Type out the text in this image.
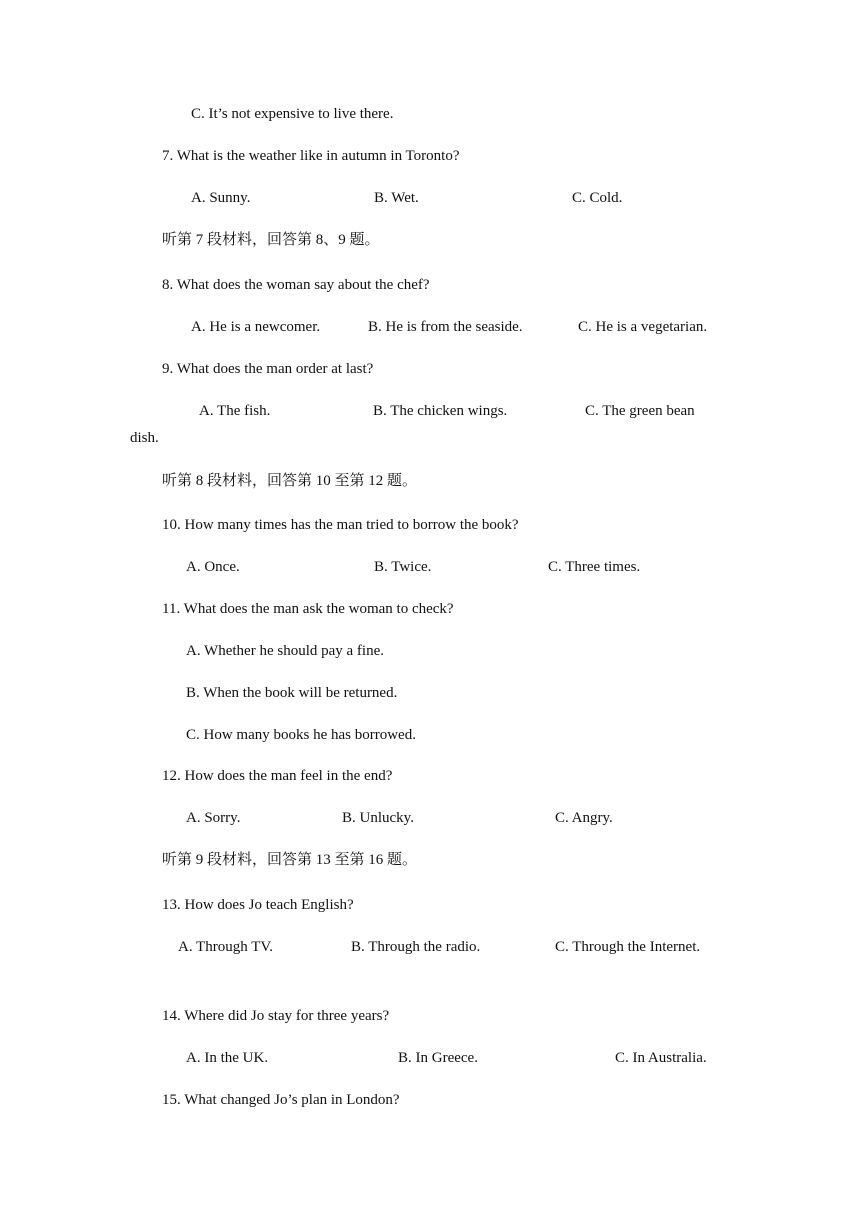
C. It’s not expensive to live there.
7. What is the weather like in autumn in Toronto?
A. Sunny.	B. Wet.	C. Cold.
听第 7 段材料，回答第 8、9 题。
8. What does the woman say about the chef?
A. He is a newcomer.	B. He is from the seaside.	C. He is a vegetarian.
9. What does the man order at last?
A. The fish.	B. The chicken wings.	C. The green bean
dish.
听第 8 段材料，回答第 10 至第 12 题。
10. How many times has the man tried to borrow the book?
A. Once.	B. Twice.	C. Three times.
11. What does the man ask the woman to check?
A. Whether he should pay a fine.
B. When the book will be returned.
C. How many books he has borrowed.
12. How does the man feel in the end?
A. Sorry.	B. Unlucky.	C. Angry.
听第 9 段材料，回答第 13 至第 16 题。
13. How does Jo teach English?
A. Through TV.	B. Through the radio.	C. Through the Internet.
14. Where did Jo stay for three years?
A. In the UK.	B. In Greece.	C. In Australia.
15. What changed Jo’s plan in London?
